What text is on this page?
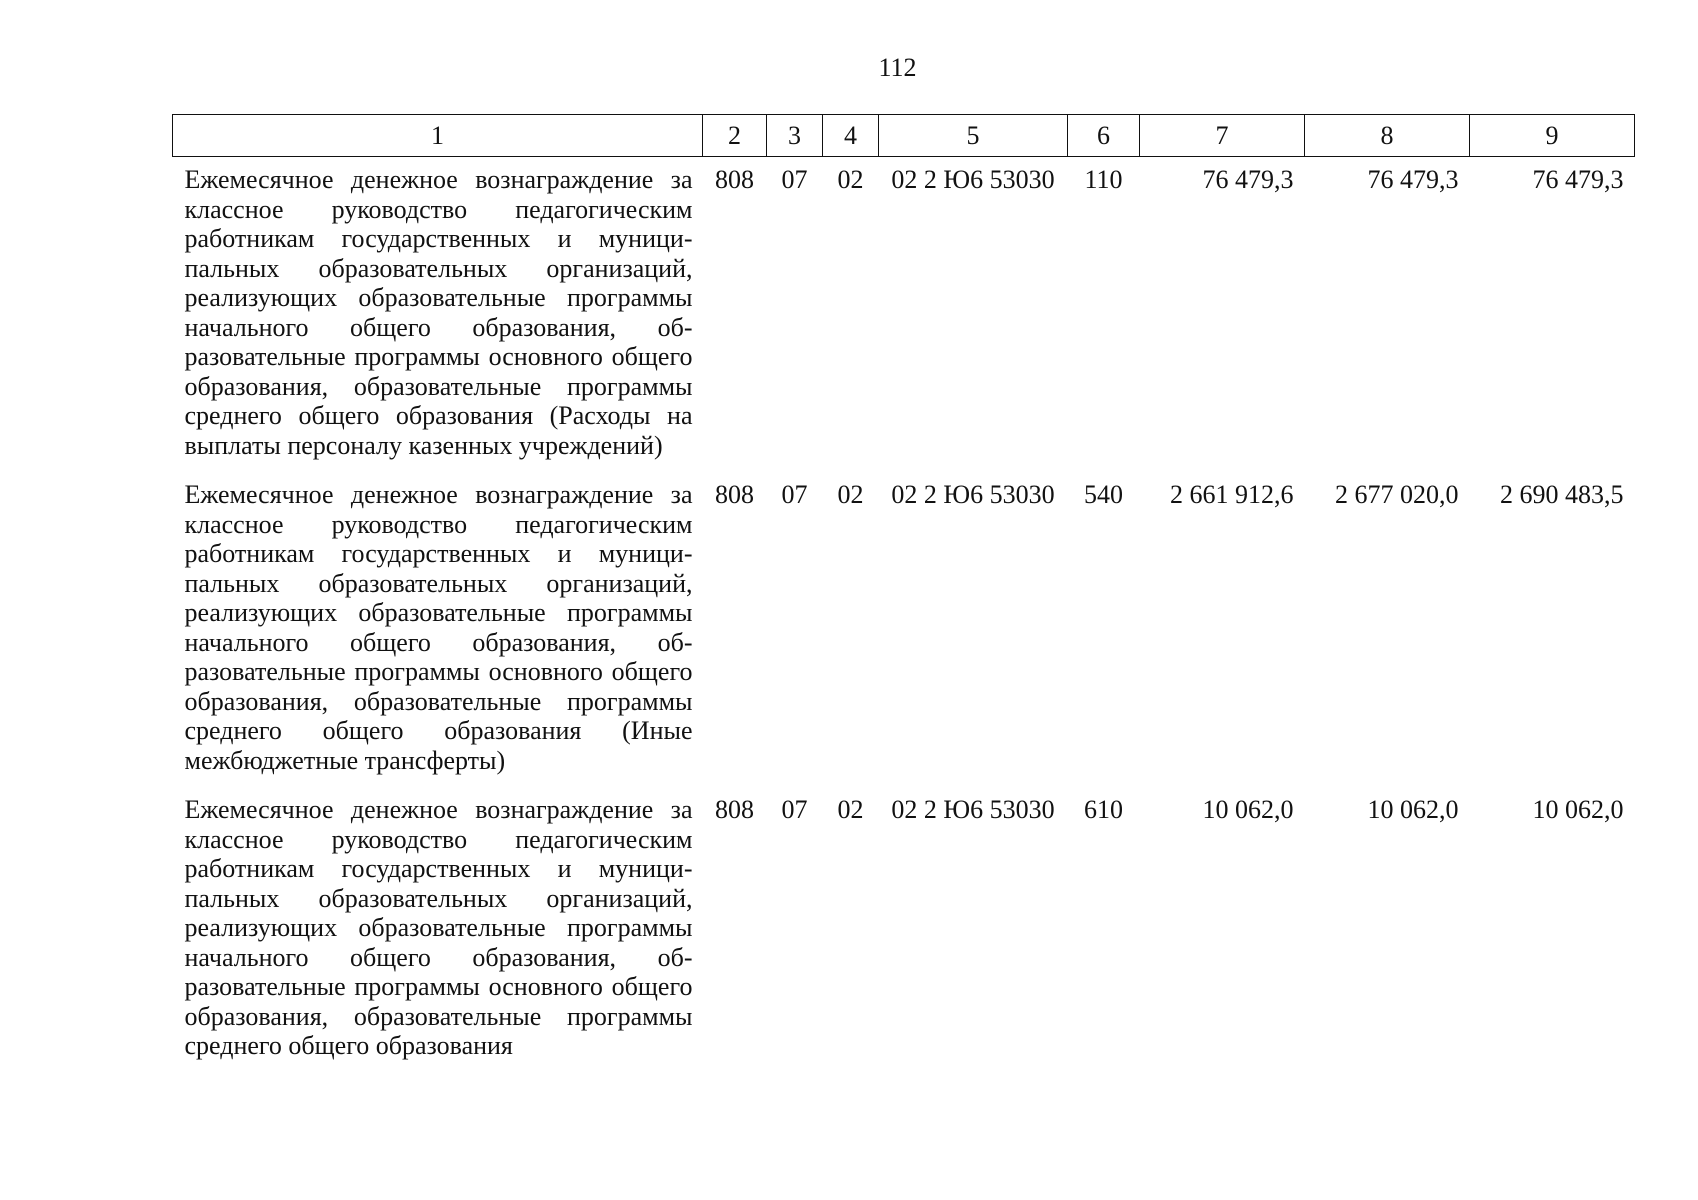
112
1	2	3	4	5	6	7	8	9
Ежемесячное денежное вознаграждение за классное руководство педагогическим работникам государственных и муниципальных образовательных организаций, реализующих образовательные программы начального общего образования, образовательные программы основного общего образования, образовательные программы среднего общего образования (Расходы на выплаты персоналу казенных учреждений)	808	07	02	02 2 Ю6 53030	110	76 479,3	76 479,3	76 479,3
Ежемесячное денежное вознаграждение за классное руководство педагогическим работникам государственных и муниципальных образовательных организаций, реализующих образовательные программы начального общего образования, образовательные программы основного общего образования, образовательные программы среднего общего образования (Иные межбюджетные трансферты)	808	07	02	02 2 Ю6 53030	540	2 661 912,6	2 677 020,0	2 690 483,5
Ежемесячное денежное вознаграждение за классное руководство педагогическим работникам государственных и муниципальных образовательных организаций, реализующих образовательные программы начального общего образования, образовательные программы основного общего образования, образовательные программы среднего общего образования	808	07	02	02 2 Ю6 53030	610	10 062,0	10 062,0	10 062,0
